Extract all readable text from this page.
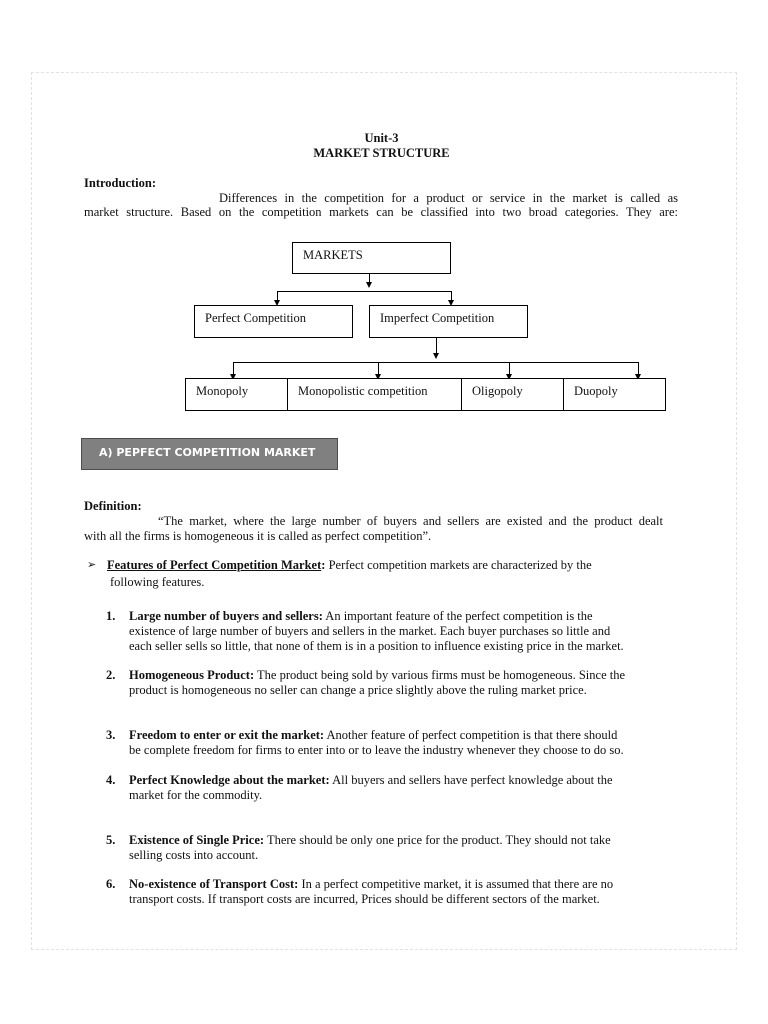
Unit-3
MARKET STRUCTURE
Introduction:
Differences in the competition for a product or service in the market is called as
market structure. Based on the competition markets can be classified into two broad categories. They are:
MARKETS
Perfect Competition	Imperfect Competition
Monopoly	Monopolistic competition	Oligopoly	Duopoly
A) PEPFECT COMPETITION MARKET
Definition:
“The market, where the large number of buyers and sellers are existed and the product dealt
with all the firms is homogeneous it is called as perfect competition”.
➢ Features of Perfect Competition Market: Perfect competition markets are characterized by the
following features.
1. Large number of buyers and sellers: An important feature of the perfect competition is the
existence of large number of buyers and sellers in the market. Each buyer purchases so little and
each seller sells so little, that none of them is in a position to influence existing price in the market.
2. Homogeneous Product: The product being sold by various firms must be homogeneous. Since the
product is homogeneous no seller can change a price slightly above the ruling market price.
3. Freedom to enter or exit the market: Another feature of perfect competition is that there should
be complete freedom for firms to enter into or to leave the industry whenever they choose to do so.
4. Perfect Knowledge about the market: All buyers and sellers have perfect knowledge about the
market for the commodity.
5. Existence of Single Price: There should be only one price for the product. They should not take
selling costs into account.
6. No-existence of Transport Cost: In a perfect competitive market, it is assumed that there are no
transport costs. If transport costs are incurred, Prices should be different sectors of the market.
